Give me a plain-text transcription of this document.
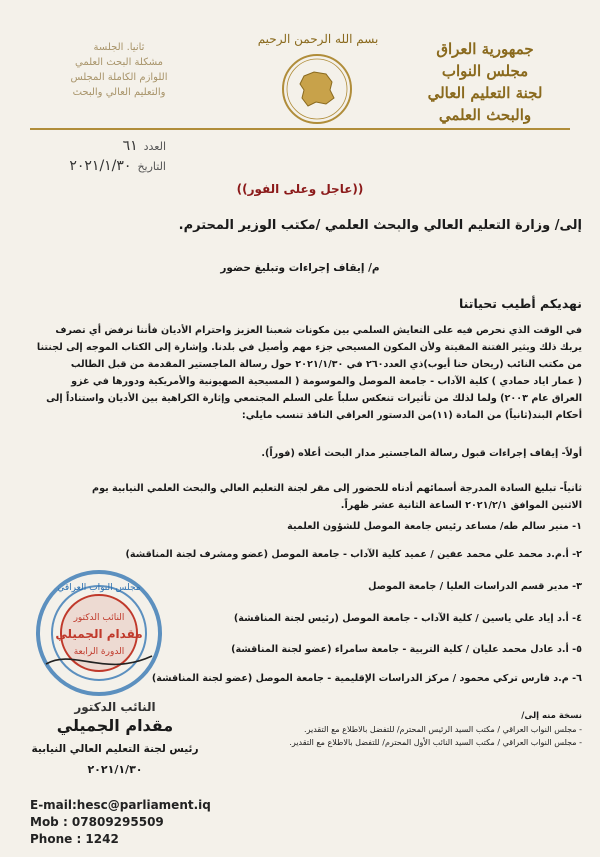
جمهورية العراق
مجلس النواب
لجنة التعليم العالي
والبحث العلمي
بسم الله الرحمن الرحيم
ثانيا. الجلسة
مشكلة البحث العلمي
اللوازم الكاملة المجلس
والتعليم العالي والبحث
العدد٦١
التاريخ٢٠٢١/١/٣٠
((عاجل وعلى الفور))
إلى/ وزارة التعليم العالي والبحث العلمي /مكتب الوزير المحترم.
م/ إيقاف إجراءات وتبليغ حضور
نهديكم أطيب تحياتنا
في الوقت الذي نحرص فيه على التعايش السلمي بين مكونات شعبنا العزيز واحترام الأديان فأننا نرفض أي تصرف
يربك ذلك ويثير الفتنة المقيتة ولأن المكون المسيحي جزء مهم وأصيل في بلدنا. وإشارة إلى الكتاب الموجه إلى لجنتنا
من مكتب النائب (ريحان حنا أيوب)ذي العدد٢٦٠ في ٢٠٢١/١/٣٠ حول رسالة الماجستير المقدمة من قبل الطالب
( عمار اياد حمادي ) كلية الآداب - جامعة الموصل والموسومة ( المسيحية الصهيونية والأمريكية ودورها في غزو
العراق عام ٢٠٠٣) ولما لذلك من تأثيرات تنعكس سلباً على السلم المجتمعي وإثارة الكراهية بين الأديان واستناداً إلى
أحكام البند(ثانياً) من المادة (١١)من الدستور العراقي النافذ تنسب مايلي:
أولاً- إيقاف إجراءات قبول رسالة الماجستير مدار البحث أعلاه (فوراً).
ثانياً- تبليغ السادة المدرجة أسمائهم أدناه للحضور إلى مقر لجنة التعليم العالي والبحث العلمي النيابية يوم
الاثنين الموافق ٢٠٢١/٢/١ الساعة الثانية عشر ظهراً.
١- منير سالم طه/ مساعد رئيس جامعة الموصل للشؤون العلمية
٢- أ.م.د محمد علي محمد عفين / عميد كلية الآداب - جامعة الموصل (عضو ومشرف لجنة المناقشة)
٣- مدير قسم الدراسات العليا / جامعة الموصل
٤- أ.د إياد علي ياسين / كلية الآداب - جامعة الموصل (رئيس لجنة المناقشة)
٥- أ.د عادل محمد عليان / كلية التربية - جامعة سامراء (عضو لجنة المناقشة)
٦- م.د فارس تركي محمود / مركز الدراسات الإقليمية - جامعة الموصل (عضو لجنة المناقشة)
مجلس النواب العراقي
النائب الدكتور
مقدام الجميلي
الدورة الرابعة
النائب الدكتور
مقدام الجميلي
رئيس لجنة التعليم العالي النيابية
٢٠٢١/١/٣٠
نسخة منه إلى/
- مجلس النواب العراقي / مكتب السيد الرئيس المحترم/ للتفضل بالاطلاع مع التقدير.
- مجلس النواب العراقي / مكتب السيد النائب الأول المحترم/ للتفضل بالاطلاع مع التقدير.
E-mail:hesc@parliament.iq
Mob : 07809295509
Phone : 1242
